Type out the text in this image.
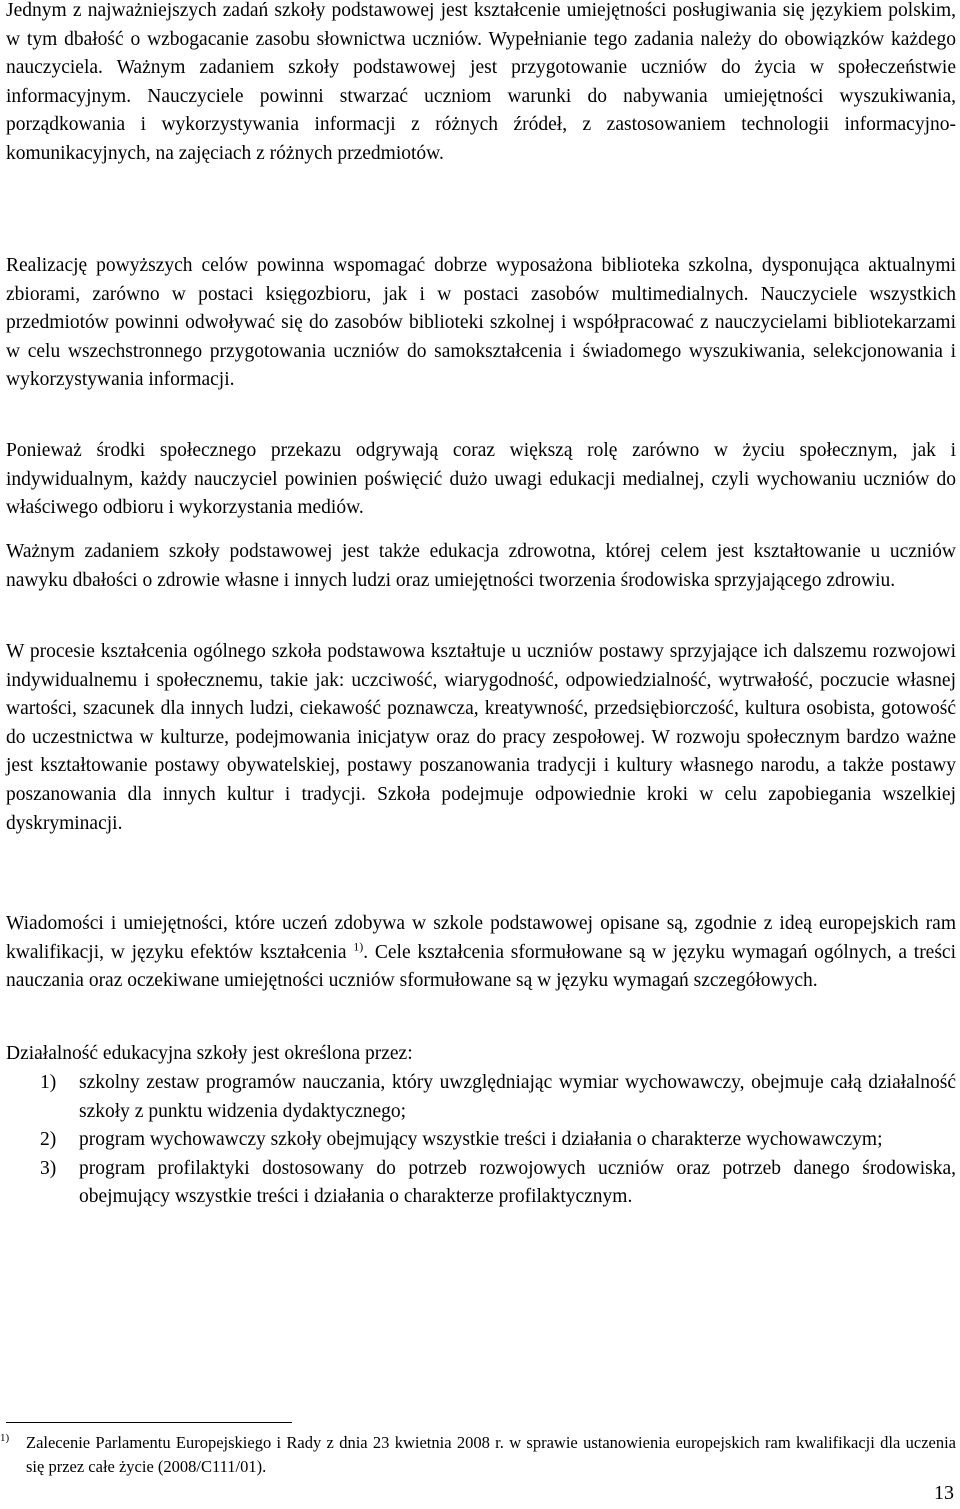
Jednym z najważniejszych zadań szkoły podstawowej jest kształcenie umiejętności posługiwania się językiem polskim, w tym dbałość o wzbogacanie zasobu słownictwa uczniów. Wypełnianie tego zadania należy do obowiązków każdego nauczyciela. Ważnym zadaniem szkoły podstawowej jest przygotowanie uczniów do życia w społeczeństwie informacyjnym. Nauczyciele powinni stwarzać uczniom warunki do nabywania umiejętności wyszukiwania, porządkowania i wykorzystywania informacji z różnych źródeł, z zastosowaniem technologii informacyjno-komunikacyjnych, na zajęciach z różnych przedmiotów.

Realizację powyższych celów powinna wspomagać dobrze wyposażona biblioteka szkolna, dysponująca aktualnymi zbiorami, zarówno w postaci księgozbioru, jak i w postaci zasobów multimedialnych. Nauczyciele wszystkich przedmiotów powinni odwoływać się do zasobów biblioteki szkolnej i współpracować z nauczycielami bibliotekarzami w celu wszechstronnego przygotowania uczniów do samokształcenia i świadomego wyszukiwania, selekcjonowania i wykorzystywania informacji.

Ponieważ środki społecznego przekazu odgrywają coraz większą rolę zarówno w życiu społecznym, jak i indywidualnym, każdy nauczyciel powinien poświęcić dużo uwagi edukacji medialnej, czyli wychowaniu uczniów do właściwego odbioru i wykorzystania mediów.

Ważnym zadaniem szkoły podstawowej jest także edukacja zdrowotna, której celem jest kształtowanie u uczniów nawyku dbałości o zdrowie własne i innych ludzi oraz umiejętności tworzenia środowiska sprzyjającego zdrowiu.

W procesie kształcenia ogólnego szkoła podstawowa kształtuje u uczniów postawy sprzyjające ich dalszemu rozwojowi indywidualnemu i społecznemu, takie jak: uczciwość, wiarygodność, odpowiedzialność, wytrwałość, poczucie własnej wartości, szacunek dla innych ludzi, ciekawość poznawcza, kreatywność, przedsiębiorczość, kultura osobista, gotowość do uczestnictwa w kulturze, podejmowania inicjatyw oraz do pracy zespołowej. W rozwoju społecznym bardzo ważne jest kształtowanie postawy obywatelskiej, postawy poszanowania tradycji i kultury własnego narodu, a także postawy poszanowania dla innych kultur i tradycji. Szkoła podejmuje odpowiednie kroki w celu zapobiegania wszelkiej dyskryminacji.

Wiadomości i umiejętności, które uczeń zdobywa w szkole podstawowej opisane są, zgodnie z ideą europejskich ram kwalifikacji, w języku efektów kształcenia $^{1)}$. Cele kształcenia sformułowane są w języku wymagań ogólnych, a treści nauczania oraz oczekiwane umiejętności uczniów sformułowane są w języku wymagań szczegółowych.

Działalność edukacyjna szkoły jest określona przez:

1) szkolny zestaw programów nauczania, który uwzględniając wymiar wychowawczy, obejmuje całą działalność szkoły z punktu widzenia dydaktycznego;
2) program wychowawczy szkoły obejmujący wszystkie treści i działania o charakterze wychowawczym;
3) program profilaktyki dostosowany do potrzeb rozwojowych uczniów oraz potrzeb danego środowiska, obejmujący wszystkie treści i działania o charakterze profilaktycznym.
1)	Zalecenie Parlamentu Europejskiego i Rady z dnia 23 kwietnia 2008 r. w sprawie ustanowienia europejskich ram kwalifikacji dla uczenia się przez całe życie (2008/C111/01).
13
